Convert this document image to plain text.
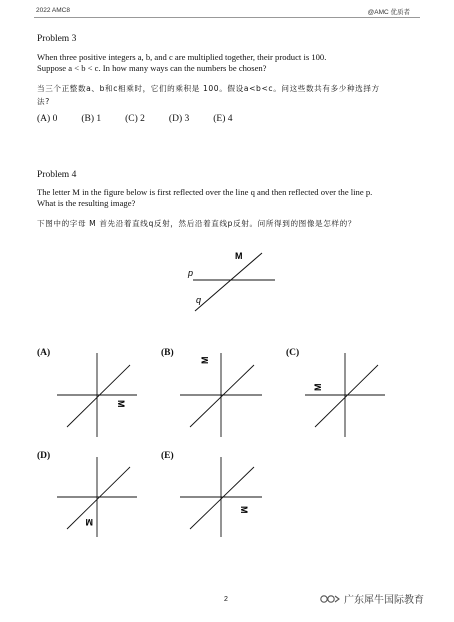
2022 AMC8	@AMC 优质者
Problem 3
When three positive integers a, b, and c are multiplied together, their product is 100.
Suppose a < b < c. In how many ways can the numbers be chosen?
当三个正整数a、b和c相乘时，它们的乘积是 100。假设a<b<c。问这些数共有多少种选择方
法?
(A) 0	(B) 1	(C) 2	(D) 3	(E) 4
Problem 4
The letter M in the figure below is first reflected over the line q and then reflected over the line p.
What is the resulting image?
下图中的字母 M 首先沿着直线q反射，然后沿着直线p反射。问所得到的图像是怎样的？
p
q
M
M
M
M
M
M
(A)	(B)	(C)
(D)	(E)
2	广东犀牛国际教育
